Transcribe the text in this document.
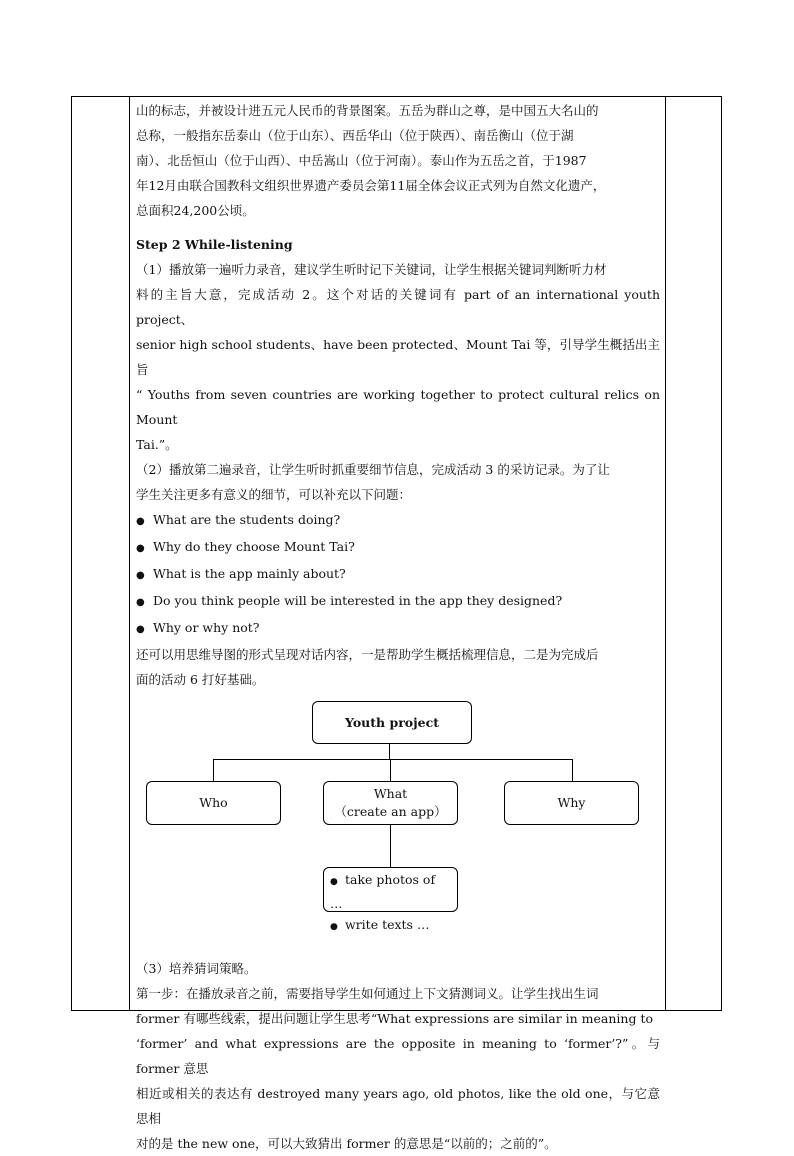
山的标志，并被设计进五元人民币的背景图案。五岳为群山之尊，是中国五大名山的

总称，一般指东岳泰山（位于山东）、西岳华山（位于陕西）、南岳衡山（位于湖

南）、北岳恒山（位于山西）、中岳嵩山（位于河南）。泰山作为五岳之首，于1987

年12月由联合国教科文组织世界遗产委员会第11届全体会议正式列为自然文化遗产，

总面积24,200公顷。

Step 2 While-listening

（1）播放第一遍听力录音，建议学生听时记下关键词，让学生根据关键词判断听力材

料的主旨大意，完成活动 2。这个对话的关键词有 part of an international youth project、

senior high school students、have been protected、Mount Tai 等，引导学生概括出主旨

“ Youths from seven countries are working together to protect cultural relics on Mount

Tai.”。

（2）播放第二遍录音，让学生听时抓重要细节信息，完成活动 3 的采访记录。为了让

学生关注更多有意义的细节，可以补充以下问题：

● What are the students doing?

● Why do they choose Mount Tai?

● What is the app mainly about?

● Do you think people will be interested in the app they designed?

● Why or why not?

还可以用思维导图的形式呈现对话内容，一是帮助学生概括梳理信息，二是为完成后

面的活动 6 打好基础。

Youth project
Who
What
（create an app）
Why
● take photos of …
● write texts …

（3）培养猜词策略。

第一步：在播放录音之前，需要指导学生如何通过上下文猜测词义。让学生找出生词

former 有哪些线索，提出问题让学生思考“What expressions are similar in meaning to

‘former’ and what expressions are the opposite in meaning to ‘former’?”。与 former 意思

相近或相关的表达有 destroyed many years ago, old photos, like the old one，与它意思相

对的是 the new one，可以大致猜出 former 的意思是“以前的；之前的”。
